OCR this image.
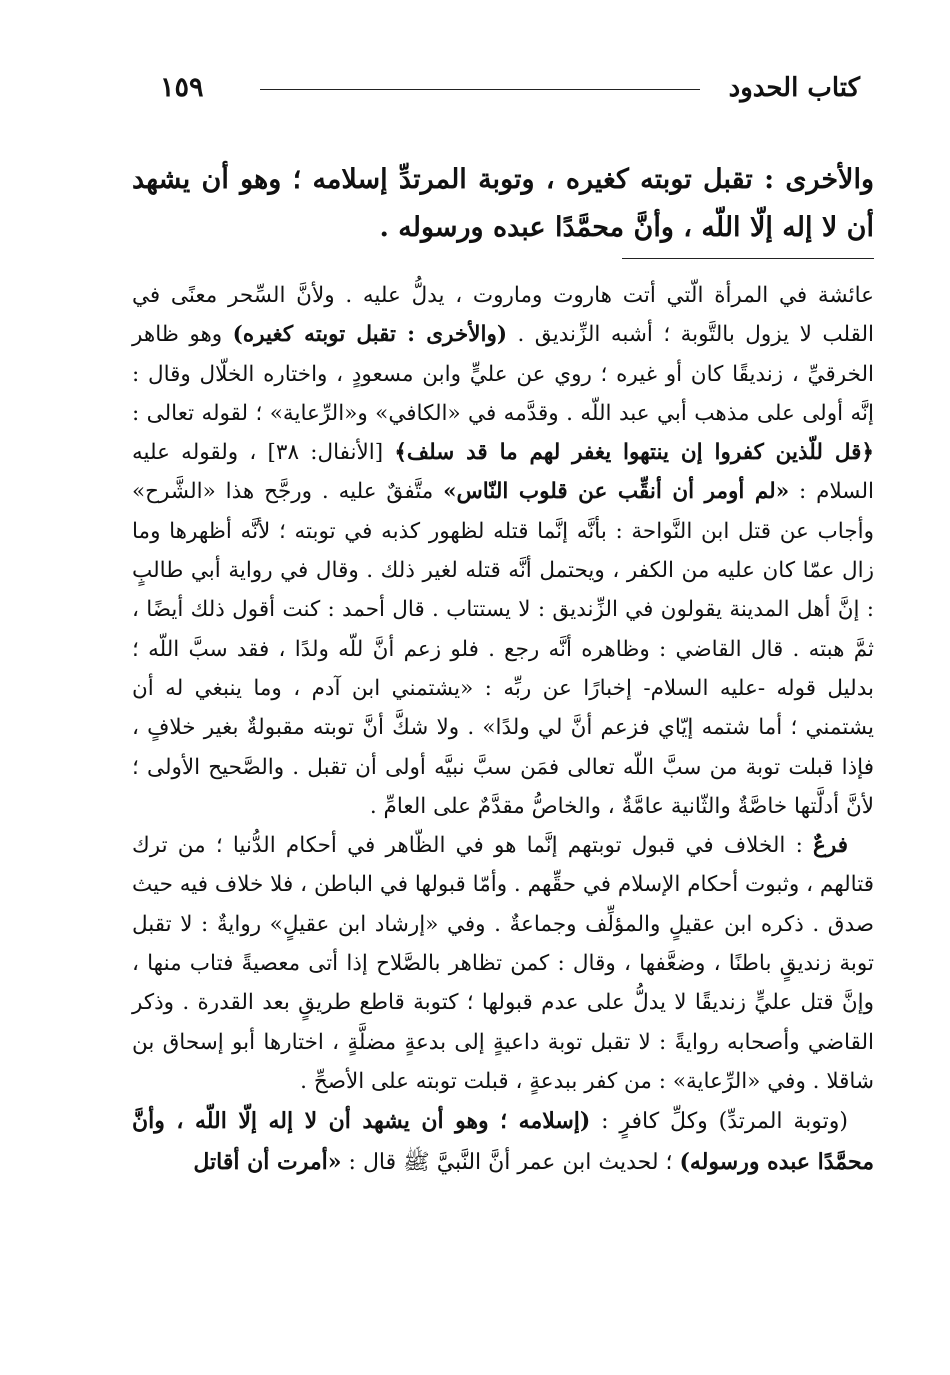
كتاب الحدود
١٥٩
والأخرى : تقبل توبته كغيره ، وتوبة المرتدِّ إسلامه ؛ وهو أن يشهد أن لا إله إلّا اللّه ، وأنَّ محمَّدًا عبده ورسوله .

عائشة في المرأة الّتي أتت هاروت وماروت ، يدلُّ عليه . ولأنَّ السِّحر معنًى في القلب لا يزول بالتَّوبة ؛ أشبه الزِّنديق . (والأخرى : تقبل توبته كغيره) وهو ظاهر الخرقيِّ ، زنديقًا كان أو غيره ؛ روي عن عليٍّ وابن مسعودٍ ، واختاره الخلّال وقال : إنَّه أولى على مذهب أبي عبد اللّه . وقدَّمه في «الكافي» و«الرِّعاية» ؛ لقوله تعالى : ﴿قل للّذين كفروا إن ينتهوا يغفر لهم ما قد سلف﴾ [الأنفال: ٣٨] ، ولقوله عليه السلام : «لم أومر أن أنقِّب عن قلوب النّاس» متَّفقٌ عليه . ورجَّح هذا «الشَّرح» وأجاب عن قتل ابن النَّواحة : بأنَّه إنَّما قتله لظهور كذبه في توبته ؛ لأنَّه أظهرها وما زال عمّا كان عليه من الكفر ، ويحتمل أنَّه قتله لغير ذلك . وقال في رواية أبي طالبٍ : إنَّ أهل المدينة يقولون في الزِّنديق : لا يستتاب . قال أحمد : كنت أقول ذلك أيضًا ، ثمَّ هبته . قال القاضي : وظاهره أنَّه رجع . فلو زعم أنَّ للّه ولدًا ، فقد سبَّ اللّه ؛ بدليل قوله -عليه السلام- إخبارًا عن ربِّه : «يشتمني ابن آدم ، وما ينبغي له أن يشتمني ؛ أما شتمه إيّاي فزعم أنَّ لي ولدًا» . ولا شكَّ أنَّ توبته مقبولةٌ بغير خلافٍ ، فإذا قبلت توبة من سبَّ اللّه تعالى فمَن سبَّ نبيَّه أولى أن تقبل . والصَّحيح الأولى ؛ لأنَّ أدلَّتها خاصَّةٌ والثّانية عامَّةٌ ، والخاصُّ مقدَّمٌ على العامِّ .

فرعٌ : الخلاف في قبول توبتهم إنَّما هو في الظّاهر في أحكام الدُّنيا ؛ من ترك قتالهم ، وثبوت أحكام الإسلام في حقِّهم . وأمّا قبولها في الباطن ، فلا خلاف فيه حيث صدق . ذكره ابن عقيلٍ والمؤلِّف وجماعةٌ . وفي «إرشاد ابن عقيلٍ» روايةٌ : لا تقبل توبة زنديقٍ باطنًا ، وضعَّفها ، وقال : كمن تظاهر بالصَّلاح إذا أتى معصيةً فتاب منها ، وإنَّ قتل عليٍّ زنديقًا لا يدلُّ على عدم قبولها ؛ كتوبة قاطع طريقٍ بعد القدرة . وذكر القاضي وأصحابه روايةً : لا تقبل توبة داعيةٍ إلى بدعةٍ مضلَّةٍ ، اختارها أبو إسحاق بن شاقلا . وفي «الرِّعاية» : من كفر ببدعةٍ ، قبلت توبته على الأصحِّ .

(وتوبة المرتدِّ) وكلِّ كافرٍ : (إسلامه ؛ وهو أن يشهد أن لا إله إلّا اللّه ، وأنَّ محمَّدًا عبده ورسوله) ؛ لحديث ابن عمر أنَّ النَّبيَّ ﷺ قال : «أمرت أن أقاتل
